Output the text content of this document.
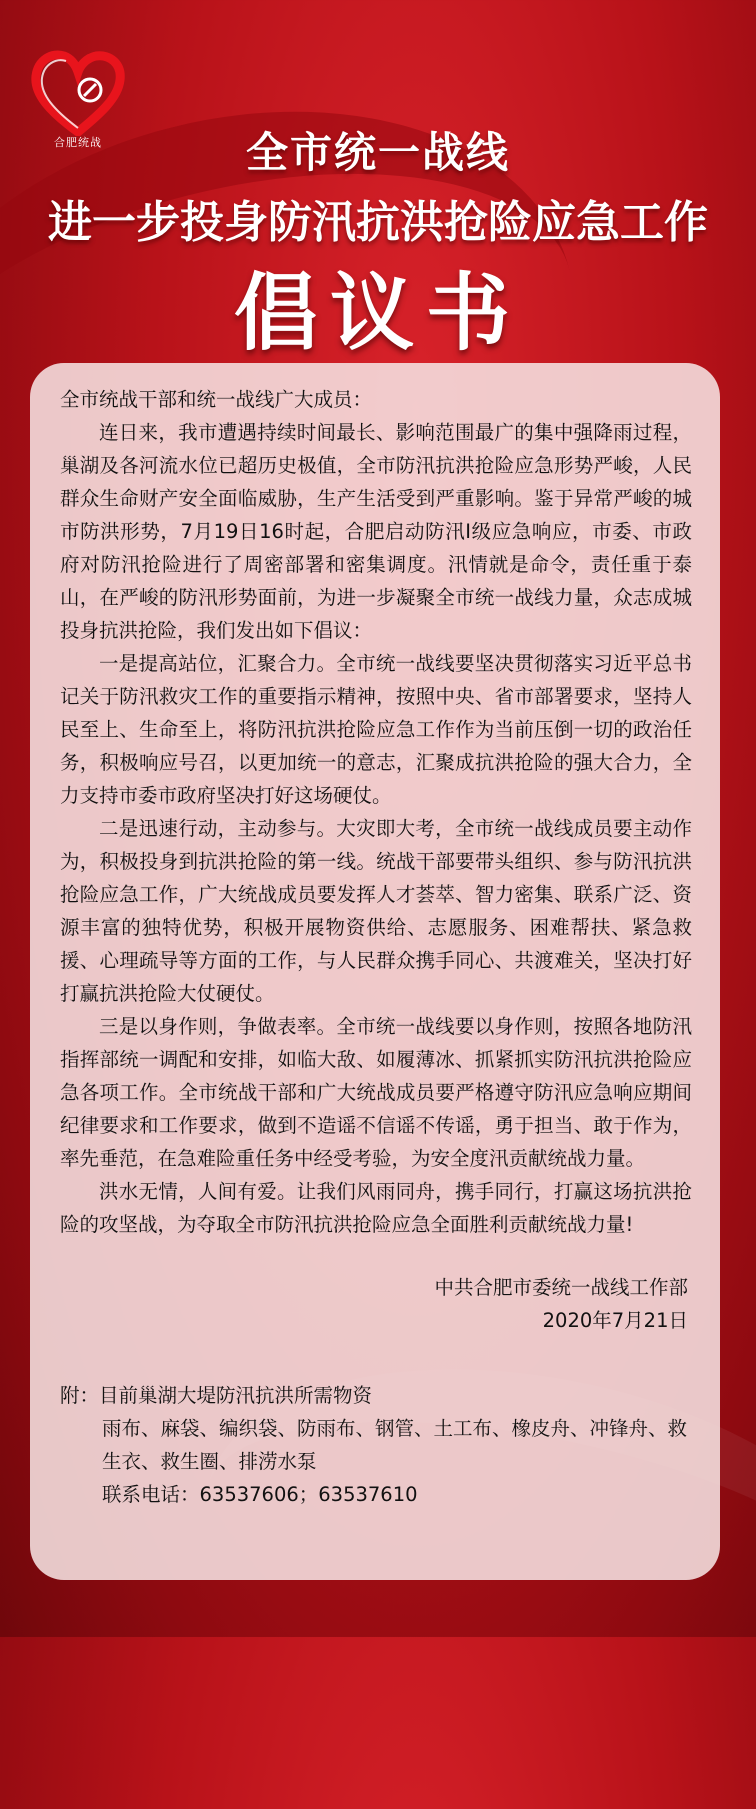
合肥统战	全市统一战线
进一步投身防汛抗洪抢险应急工作
倡议书

全市统战干部和统一战线广大成员：

连日来，我市遭遇持续时间最长、影响范围最广的集中强降雨过程，巢湖及各河流水位已超历史极值，全市防汛抗洪抢险应急形势严峻，人民群众生命财产安全面临威胁，生产生活受到严重影响。鉴于异常严峻的城市防洪形势，7月19日16时起，合肥启动防汛I级应急响应，市委、市政府对防汛抢险进行了周密部署和密集调度。汛情就是命令，责任重于泰山，在严峻的防汛形势面前，为进一步凝聚全市统一战线力量，众志成城投身抗洪抢险，我们发出如下倡议：

一是提高站位，汇聚合力。全市统一战线要坚决贯彻落实习近平总书记关于防汛救灾工作的重要指示精神，按照中央、省市部署要求，坚持人民至上、生命至上，将防汛抗洪抢险应急工作作为当前压倒一切的政治任务，积极响应号召，以更加统一的意志，汇聚成抗洪抢险的强大合力，全力支持市委市政府坚决打好这场硬仗。

二是迅速行动，主动参与。大灾即大考，全市统一战线成员要主动作为，积极投身到抗洪抢险的第一线。统战干部要带头组织、参与防汛抗洪抢险应急工作，广大统战成员要发挥人才荟萃、智力密集、联系广泛、资源丰富的独特优势，积极开展物资供给、志愿服务、困难帮扶、紧急救援、心理疏导等方面的工作，与人民群众携手同心、共渡难关，坚决打好打赢抗洪抢险大仗硬仗。

三是以身作则，争做表率。全市统一战线要以身作则，按照各地防汛指挥部统一调配和安排，如临大敌、如履薄冰、抓紧抓实防汛抗洪抢险应急各项工作。全市统战干部和广大统战成员要严格遵守防汛应急响应期间纪律要求和工作要求，做到不造谣不信谣不传谣，勇于担当、敢于作为，率先垂范，在急难险重任务中经受考验，为安全度汛贡献统战力量。

洪水无情，人间有爱。让我们风雨同舟，携手同行，打赢这场抗洪抢险的攻坚战，为夺取全市防汛抗洪抢险应急全面胜利贡献统战力量!

中共合肥市委统一战线工作部

2020年7月21日

附：目前巢湖大堤防汛抗洪所需物资

雨布、麻袋、编织袋、防雨布、钢管、土工布、橡皮舟、冲锋舟、救生衣、救生圈、排涝水泵

联系电话：63537606；63537610
